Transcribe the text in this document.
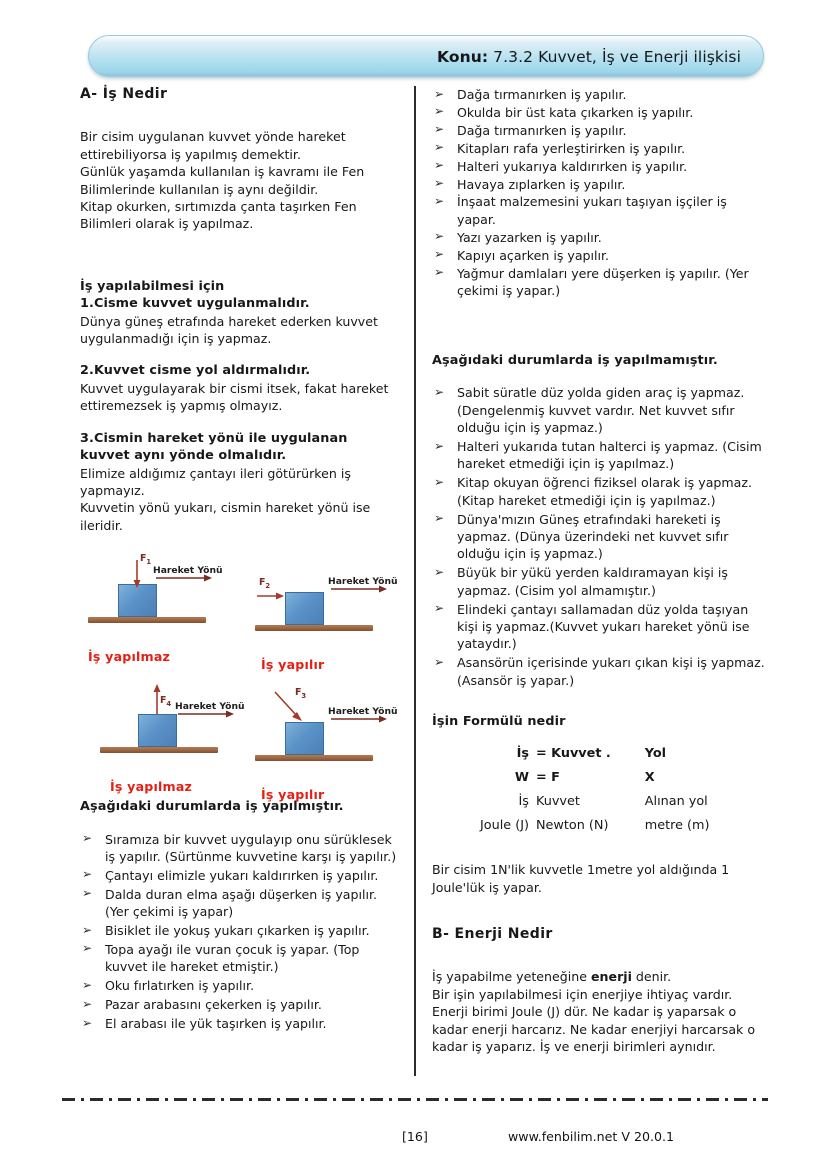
Konu: 7.3.2 Kuvvet, İş ve Enerji ilişkisi
A- İş Nedir

Bir cisim uygulanan kuvvet yönde hareket ettirebiliyorsa iş yapılmış demektir.

Günlük yaşamda kullanılan iş kavramı ile Fen Bilimlerinde kullanılan iş aynı değildir.

Kitap okurken, sırtımızda çanta taşırken Fen Bilimleri olarak iş yapılmaz.

İş yapılabilmesi için
1.Cisme kuvvet uygulanmalıdır.

Dünya güneş etrafında hareket ederken kuvvet uygulanmadığı için iş yapmaz.

2.Kuvvet cisme yol aldırmalıdır.

Kuvvet uygulayarak bir cismi itsek, fakat hareket ettiremezsek iş yapmış olmayız.

3.Cismin hareket yönü ile uygulanan kuvvet aynı yönde olmalıdır.

Elimize aldığımız çantayı ileri götürürken iş yapmayız.

Kuvvetin yönü yukarı, cismin hareket yönü ise ileridir.

$F_1$
Hareket Yönü
İş yapılmaz
$F_2$	Hareket Yönü
İş yapılır
$F_4$ Hareket Yönü
İş yapılmaz
$F_3$
Hareket Yönü
İş yapılır
Aşağıdaki durumlarda iş yapılmıştır.
➢ Sıramıza bir kuvvet uygulayıp onu sürüklesek iş yapılır. (Sürtünme kuvvetine karşı iş yapılır.)
➢ Çantayı elimizle yukarı kaldırırken iş yapılır.
➢ Dalda duran elma aşağı düşerken iş yapılır. (Yer çekimi iş yapar)
➢ Bisiklet ile yokuş yukarı çıkarken iş yapılır.
➢ Topa ayağı ile vuran çocuk iş yapar. (Top kuvvet ile hareket etmiştir.)
➢ Oku fırlatırken iş yapılır.
➢ Pazar arabasını çekerken iş yapılır.
➢ El arabası ile yük taşırken iş yapılır.
➢ Dağa tırmanırken iş yapılır.
➢ Okulda bir üst kata çıkarken iş yapılır.
➢ Dağa tırmanırken iş yapılır.
➢ Kitapları rafa yerleştirirken iş yapılır.
➢ Halteri yukarıya kaldırırken iş yapılır.
➢ Havaya zıplarken iş yapılır.
➢ İnşaat malzemesini yukarı taşıyan işçiler iş yapar.
➢ Yazı yazarken iş yapılır.
➢ Kapıyı açarken iş yapılır.
➢ Yağmur damlaları yere düşerken iş yapılır. (Yer çekimi iş yapar.)
Aşağıdaki durumlarda iş yapılmamıştır.
➢ Sabit süratle düz yolda giden araç iş yapmaz. (Dengelenmiş kuvvet vardır. Net kuvvet sıfır olduğu için iş yapmaz.)
➢ Halteri yukarıda tutan halterci iş yapmaz. (Cisim hareket etmediği için iş yapılmaz.)
➢ Kitap okuyan öğrenci fiziksel olarak iş yapmaz. (Kitap hareket etmediği için iş yapılmaz.)
➢ Dünya'mızın Güneş etrafındaki hareketi iş yapmaz. (Dünya üzerindeki net kuvvet sıfır olduğu için iş yapmaz.)
➢ Büyük bir yükü yerden kaldıramayan kişi iş yapmaz. (Cisim yol almamıştır.)
➢ Elindeki çantayı sallamadan düz yolda taşıyan kişi iş yapmaz.(Kuvvet yukarı hareket yönü ise yataydır.)
➢ Asansörün içerisinde yukarı çıkan kişi iş yapmaz. (Asansör iş yapar.)
İşin Formülü nedir
İş	= Kuvvet .	Yol
W	= F	X
İş	Kuvvet	Alınan yol
Joule (J)	Newton (N)	metre (m)

Bir cisim 1N'lik kuvvetle 1metre yol aldığında 1 Joule'lük iş yapar.

B- Enerji Nedir

İş yapabilme yeteneğine enerji denir.

Bir işin yapılabilmesi için enerjiye ihtiyaç vardır.

Enerji birimi Joule (J) dür. Ne kadar iş yaparsak o kadar enerji harcarız. Ne kadar enerjiyi harcarsak o kadar iş yaparız. İş ve enerji birimleri aynıdır.

[16]	www.fenbilim.net V 20.0.1
